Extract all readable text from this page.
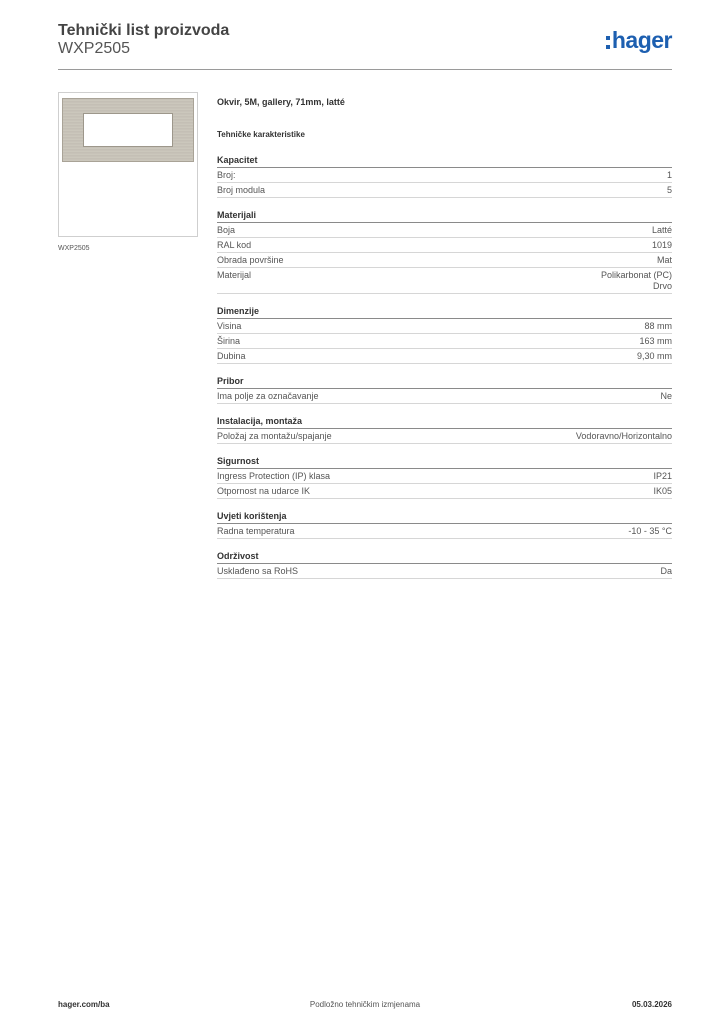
Tehnički list proizvoda
WXP2505	hager
WXP2505
Okvir, 5M, gallery, 71mm, latté
Tehničke karakteristike
Kapacitet
Broj:	1
Broj modula	5
Materijali
Boja	Latté
RAL kod	1019
Obrada površine	Mat
Materijal	Polikarbonat (PC)
Drvo
Dimenzije
Visina	88 mm
Širina	163 mm
Dubina	9,30 mm
Pribor
Ima polje za označavanje	Ne
Instalacija, montaža
Položaj za montažu/spajanje	Vodoravno/Horizontalno
Sigurnost
Ingress Protection (IP) klasa	IP21
Otpornost na udarce IK	IK05
Uvjeti korištenja
Radna temperatura	-10 - 35 °C
Održivost
Usklađeno sa RoHS	Da
hager.com/ba	Podložno tehničkim izmjenama	05.03.2026
